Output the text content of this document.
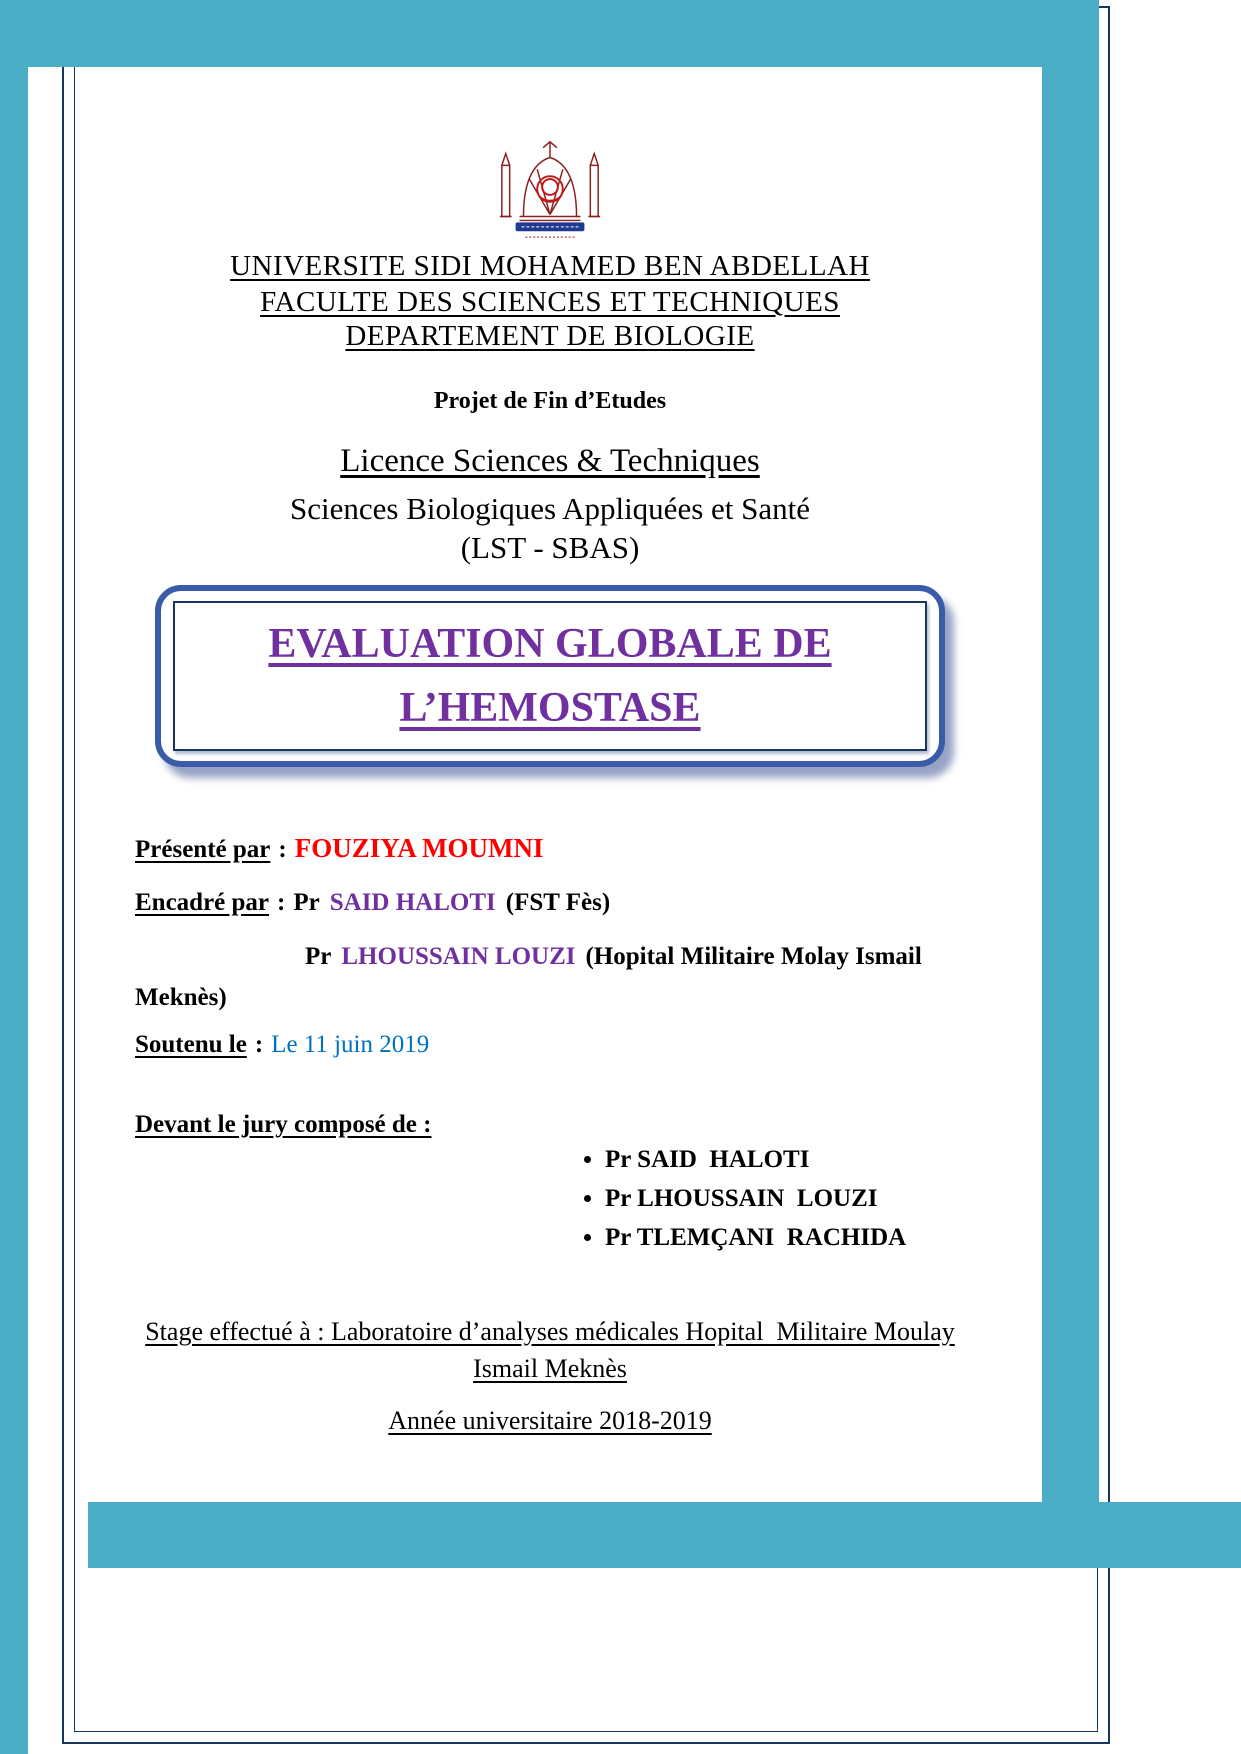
UNIVERSITE SIDI MOHAMED BEN ABDELLAH
FACULTE DES SCIENCES ET TECHNIQUES
DEPARTEMENT DE BIOLOGIE
Projet de Fin d’Etudes
Licence Sciences & Techniques
Sciences Biologiques Appliquées et Santé
(LST - SBAS)
EVALUATION GLOBALE DE
L’HEMOSTASE
Présenté par : FOUZIYA MOUMNI
Encadré par : Pr SAID HALOTI (FST Fès)
Pr LHOUSSAIN LOUZI (Hopital Militaire Molay Ismail
Meknès)
Soutenu le : Le 11 juin 2019
Devant le jury composé de :
• Pr SAID  HALOTI
• Pr LHOUSSAIN  LOUZI
• Pr TLEMÇANI  RACHIDA
Stage effectué à : Laboratoire d’analyses médicales Hopital  Militaire Moulay
Ismail Meknès
Année universitaire 2018-2019
